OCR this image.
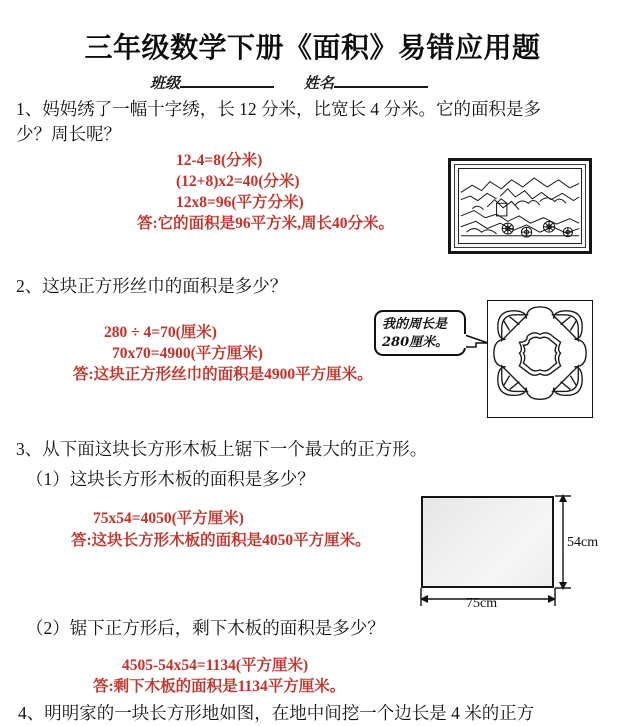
三年级数学下册《面积》易错应用题
班级	姓名
1、妈妈绣了一幅十字绣，长 12 分米，比宽长 4 分米。它的面积是多
少？周长呢？
12-4=8(分米)
(12+8)x2=40(分米)
12x8=96(平方分米)
答:它的面积是96平方米,周长40分米。
2、这块正方形丝巾的面积是多少？
280 ÷ 4=70(厘米)
70x70=4900(平方厘米)
答:这块正方形丝巾的面积是4900平方厘米。
我的周长是
280厘米。
3、从下面这块长方形木板上锯下一个最大的正方形。
（1）这块长方形木板的面积是多少？
75x54=4050(平方厘米)
答:这块长方形木板的面积是4050平方厘米。	54cm
75cm
（2）锯下正方形后，剩下木板的面积是多少？
4505-54x54=1134(平方厘米)
答:剩下木板的面积是1134平方厘米。
4、明明家的一块长方形地如图，在地中间挖一个边长是 4 米的正方
